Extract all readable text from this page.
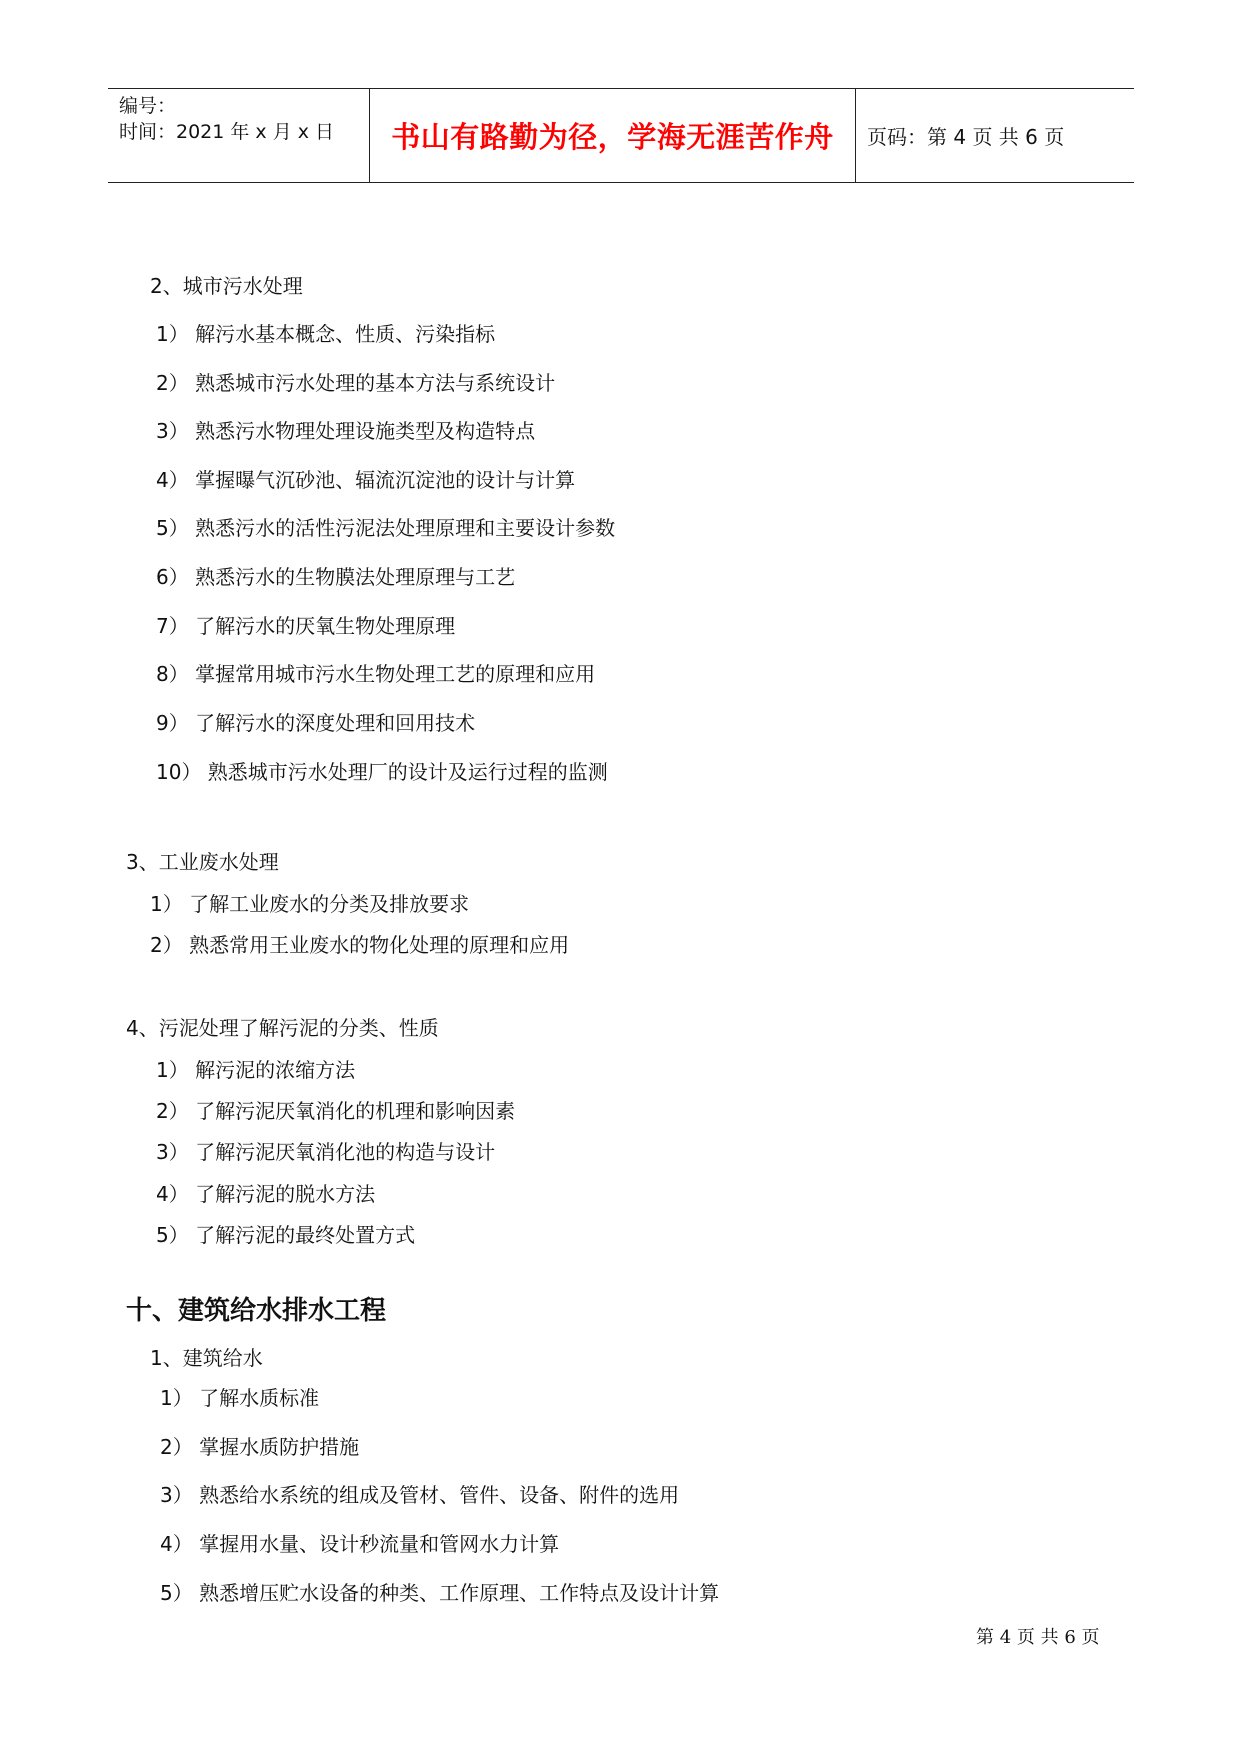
编号：
时间：2021 年 x 月 x 日	书山有路勤为径，学海无涯苦作舟	页码：第 4 页 共 6 页
2、城市污水处理
1） 解污水基本概念、性质、污染指标
2） 熟悉城市污水处理的基本方法与系统设计
3） 熟悉污水物理处理设施类型及构造特点
4） 掌握曝气沉砂池、辐流沉淀池的设计与计算
5） 熟悉污水的活性污泥法处理原理和主要设计参数
6） 熟悉污水的生物膜法处理原理与工艺
7） 了解污水的厌氧生物处理原理
8） 掌握常用城市污水生物处理工艺的原理和应用
9） 了解污水的深度处理和回用技术
10） 熟悉城市污水处理厂的设计及运行过程的监测
3、工业废水处理
1） 了解工业废水的分类及排放要求
2） 熟悉常用王业废水的物化处理的原理和应用
4、污泥处理了解污泥的分类、性质
1） 解污泥的浓缩方法
2） 了解污泥厌氧消化的机理和影响因素
3） 了解污泥厌氧消化池的构造与设计
4） 了解污泥的脱水方法
5） 了解污泥的最终处置方式
十、建筑给水排水工程
1、建筑给水
1） 了解水质标准
2） 掌握水质防护措施
3） 熟悉给水系统的组成及管材、管件、设备、附件的选用
4） 掌握用水量、设计秒流量和管网水力计算
5） 熟悉增压贮水设备的种类、工作原理、工作特点及设计计算
第 4 页 共 6 页
